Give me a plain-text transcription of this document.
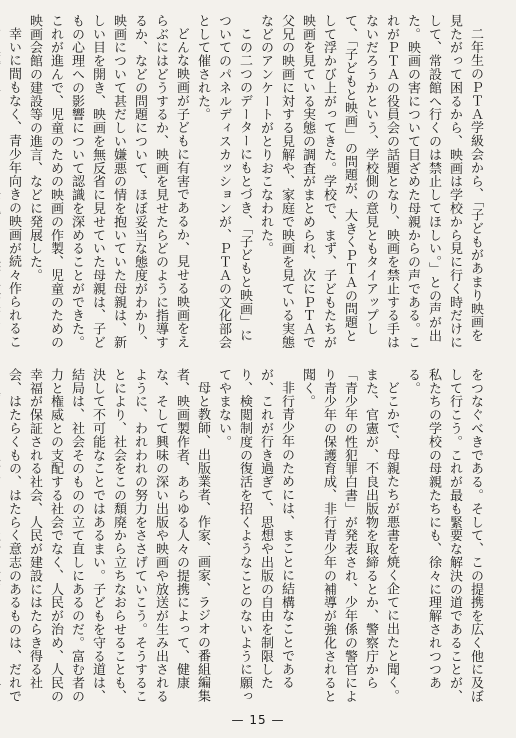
二年生のＰＴＡ学級会から、「子どもがあまり映画を見たがって困るから、映画は学校から見に行く時だけにして、常設館へ行くのは禁止してほしい。」との声が出た。映画の害について目ざめた母親からの声である。これがＰＴＡの役員会の話題となり、映画を禁止する手はないだろうかという、学校側の意見ともタイアップして、「子どもと映画」の問題が、大きくＰＴＡの問題として浮かび上がってきた。学校で、まず、子どもたちが映画を見ている実態の調査がまとめられ、次にＰＴＡで父兄の映画に対する見解や、家庭で映画を見ている実態などのアンケートがとりおこなわれた。
この二つのデーターにもとづき、「子どもと映画」についてのパネルディスカッションが、ＰＴＡの文化部会として催された。
どんな映画が子どもに有害であるか、見せる映画をえらぶにはどうするか、映画を見せたらどのように指導するか、などの問題について、ほぼ妥当な態度がわかり、映画について甚だしい嫌悪の情を抱いていた母親は、新しい目を開き、映画を無反省に見せていた母親は、子どもの心理への影響について認識を深めることができた。これが進んで、児童のための映画の作製、児童のための映画会館の建設等の進言、などに発展した。
幸いに間もなく、青少年向きの映画が続々作られるこ
をつなぐべきである。そして、この提携を広く他に及ぼして行こう。これが最も緊要な解決の道であることが、私たちの学校の母親たちにも、徐々に理解されつつある。
どこかで、母親たちが悪書を焼く企てに出たと聞く。また、官憲が、不良出版物を取締るとか、警察庁から「青少年の性犯罪白書」が発表され、少年係の警官により青少年の保護育成、非行青少年の補導が強化されると聞く。
非行青少年のためには、まことに結構なことであるが、これが行き過ぎて、思想や出版の自由を制限したり、検閲制度の復活を招くようなことのないように願ってやまない。
母と教師、出版業者、作家、画家、ラジオの番組編集者、映画製作者、あらゆる人々の提携によって、健康な、そして興味の深い出版や映画や放送が生み出されるように、われわれの努力をささげていこう。そうすることにより、社会をこの頽廃から立ちなおらせることも、決して不可能なことではあるまい。子どもを守る道は、結局は、社会そのものの立て直しにあるのだ。富む者の力と権威との支配する社会でなく、人民が治め、人民の幸福が保証される社会、人民が建設にはたらき得る社会、はたらくもの、はたらく意志のあるものは、だれで
— 15 —
